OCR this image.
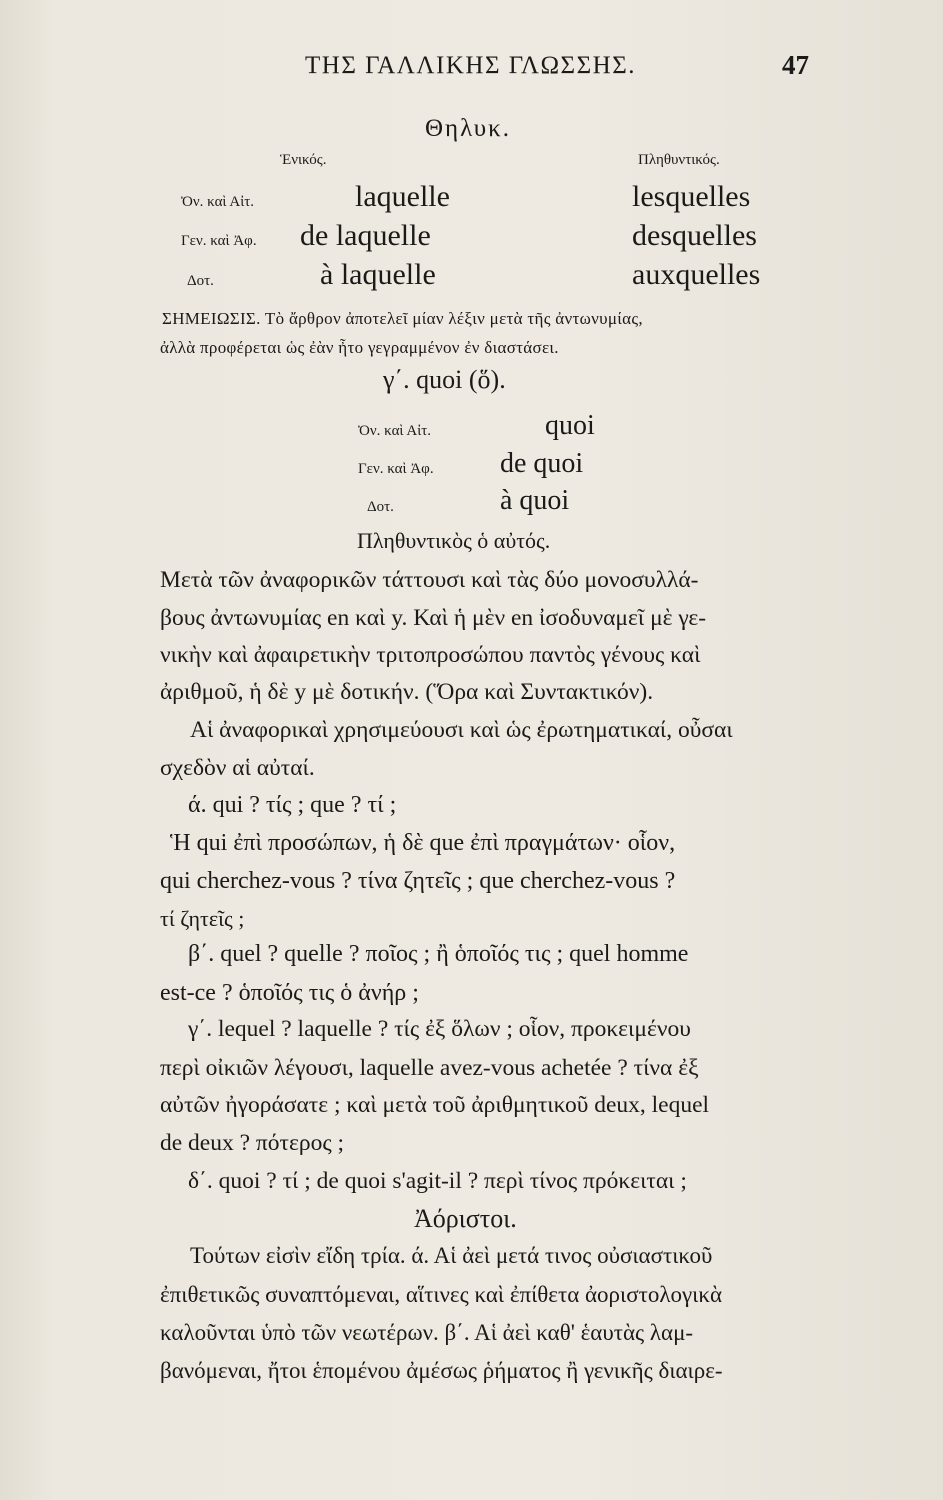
ΤΗΣ ΓΑΛΛΙΚΗΣ ΓΛΩΣΣΗΣ.	47
Θηλυκ.
Ἑνικός.	Πληθυντικός.
Ὀν. καὶ Αἰτ.	laquelle	lesquelles
Γεν. καὶ Ἀφ. de laquelle	desquelles
Δοτ.	à laquelle	auxquelles
ΣΗΜΕΙΩΣΙΣ. Τὸ ἄρθρον ἀποτελεῖ μίαν λέξιν μετὰ τῆς ἀντωνυμίας,
ἀλλὰ προφέρεται ὡς ἐὰν ἦτο γεγραμμένον ἐν διαστάσει.
γ΄. quoi (ὅ).
Ὀν. καὶ Αἰτ.	quoi
Γεν. καὶ Ἀφ. de quoi
Δοτ.	à quoi
Πληθυντικὸς ὁ αὐτός.
Μετὰ τῶν ἀναφορικῶν τάττουσι καὶ τὰς δύο μονοσυλλά-
βους ἀντωνυμίας en καὶ y. Καὶ ἡ μὲν en ἰσοδυναμεῖ μὲ γε-
νικὴν καὶ ἀφαιρετικὴν τριτοπροσώπου παντὸς γένους καὶ
ἀριθμοῦ, ἡ δὲ y μὲ δοτικήν. (Ὅρα καὶ Συντακτικόν).
Αἱ ἀναφορικαὶ χρησιμεύουσι καὶ ὡς ἐρωτηματικαί, οὖσαι
σχεδὸν αἱ αὐταί.
ά. qui ? τίς ; que ? τί ;
Ἡ qui ἐπὶ προσώπων, ἡ δὲ que ἐπὶ πραγμάτων· οἷον,
qui cherchez-vous ? τίνα ζητεῖς ; que cherchez-vous ?
τί ζητεῖς ;
β΄. quel ? quelle ? ποῖος ; ἢ ὁποῖός τις ; quel homme
est-ce ? ὁποῖός τις ὁ ἀνήρ ;
γ΄. lequel ? laquelle ? τίς ἐξ ὅλων ; οἷον, προκειμένου
περὶ οἰκιῶν λέγουσι, laquelle avez-vous achetée ? τίνα ἐξ
αὐτῶν ἠγοράσατε ; καὶ μετὰ τοῦ ἀριθμητικοῦ deux, lequel
de deux ? πότερος ;
δ΄. quoi ? τί ; de quoi s'agit-il ? περὶ τίνος πρόκειται ;
Ἀόριστοι.
Τούτων εἰσὶν εἴδη τρία. ά. Αἱ ἀεὶ μετά τινος οὐσιαστικοῦ
ἐπιθετικῶς συναπτόμεναι, αἵτινες καὶ ἐπίθετα ἀοριστολογικὰ
καλοῦνται ὑπὸ τῶν νεωτέρων. β΄. Αἱ ἀεὶ καθ' ἑαυτὰς λαμ-
βανόμεναι, ἤτοι ἑπομένου ἀμέσως ῥήματος ἢ γενικῆς διαιρε-
